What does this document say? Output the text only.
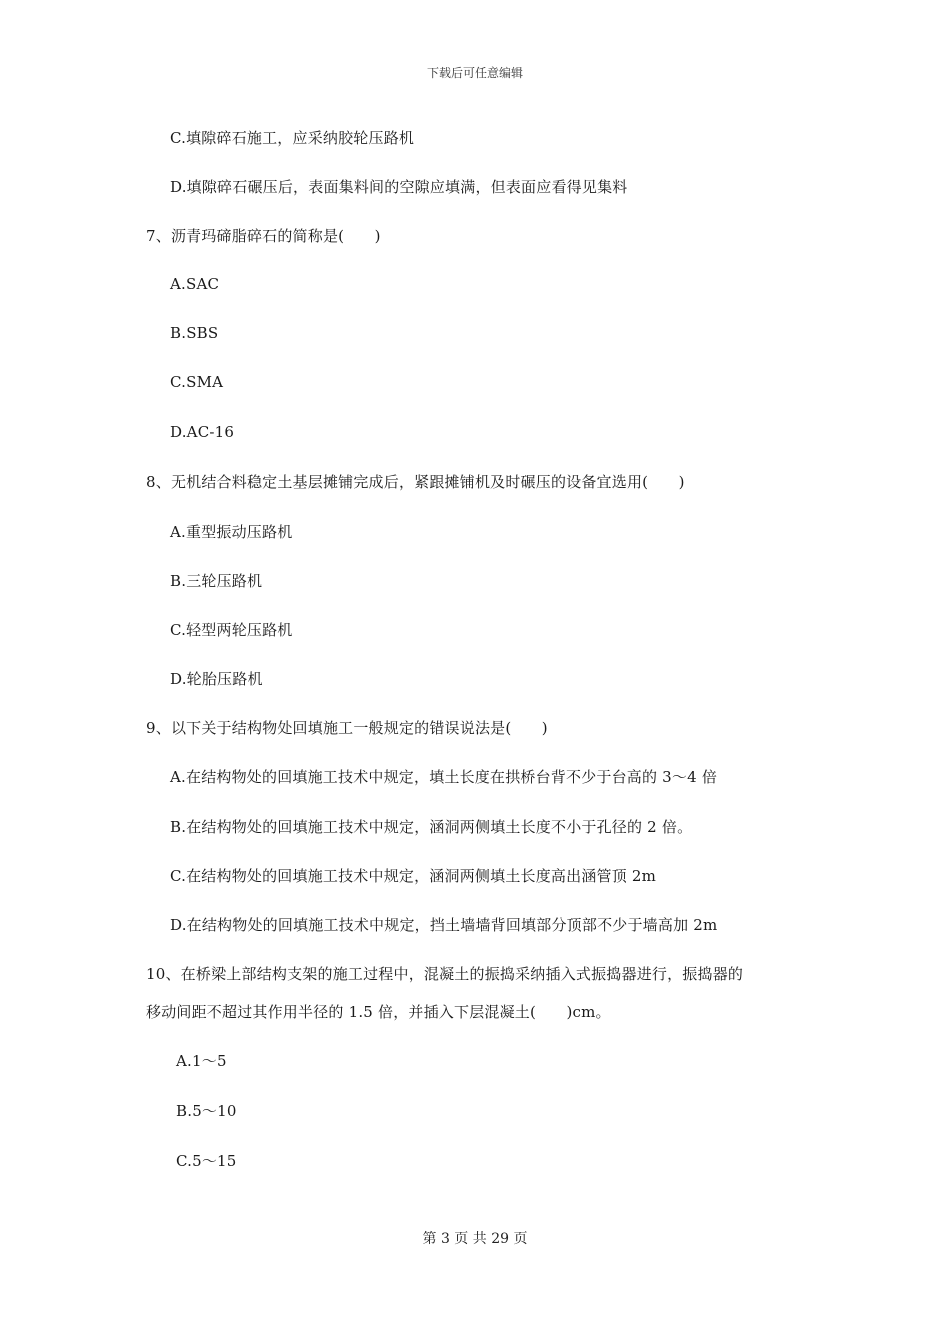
下载后可任意编辑
C.填隙碎石施工，应采纳胶轮压路机
D.填隙碎石碾压后，表面集料间的空隙应填满，但表面应看得见集料
7、沥青玛碲脂碎石的简称是(　　)
A.SAC
B.SBS
C.SMA
D.AC-16
8、无机结合料稳定土基层摊铺完成后，紧跟摊铺机及时碾压的设备宜选用(　　)
A.重型振动压路机
B.三轮压路机
C.轻型两轮压路机
D.轮胎压路机
9、以下关于结构物处回填施工一般规定的错误说法是(　　)
A.在结构物处的回填施工技术中规定，填土长度在拱桥台背不少于台高的 3～4 倍
B.在结构物处的回填施工技术中规定，涵洞两侧填土长度不小于孔径的 2 倍。
C.在结构物处的回填施工技术中规定，涵洞两侧填土长度高出涵管顶 2m
D.在结构物处的回填施工技术中规定，挡土墙墙背回填部分顶部不少于墙高加 2m
10、在桥梁上部结构支架的施工过程中，混凝土的振捣采纳插入式振捣器进行，振捣器的
移动间距不超过其作用半径的 1.5 倍，并插入下层混凝土(　　)cm。
A.1～5
B.5～10
C.5～15
第 3 页 共 29 页
